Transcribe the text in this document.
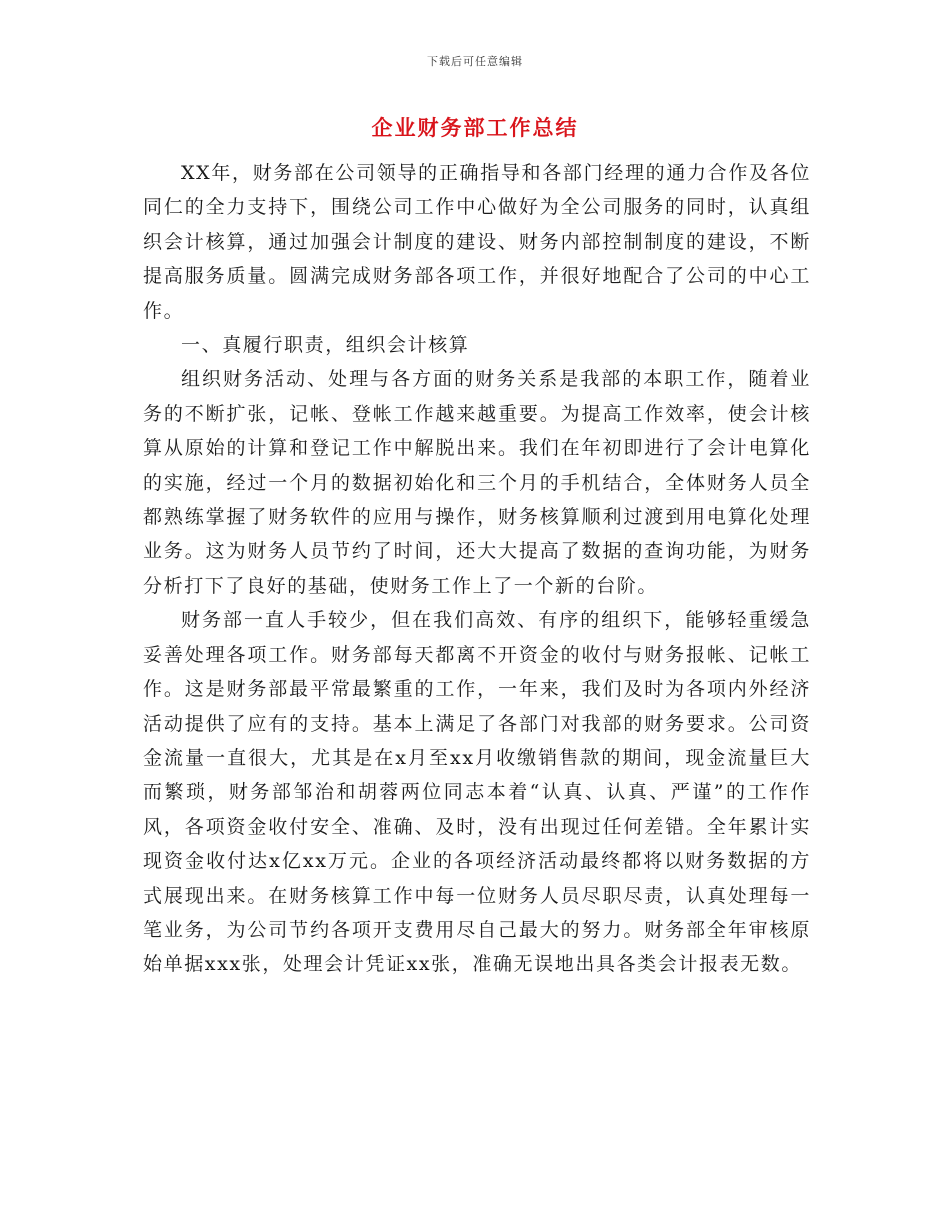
下载后可任意编辑
企业财务部工作总结

XX年，财务部在公司领导的正确指导和各部门经理的通力合作及各位同仁的全力支持下，围绕公司工作中心做好为全公司服务的同时，认真组织会计核算，通过加强会计制度的建设、财务内部控制制度的建设，不断提高服务质量。圆满完成财务部各项工作，并很好地配合了公司的中心工作。

一、真履行职责，组织会计核算

组织财务活动、处理与各方面的财务关系是我部的本职工作，随着业务的不断扩张，记帐、登帐工作越来越重要。为提高工作效率，使会计核算从原始的计算和登记工作中解脱出来。我们在年初即进行了会计电算化的实施，经过一个月的数据初始化和三个月的手机结合，全体财务人员全都熟练掌握了财务软件的应用与操作，财务核算顺利过渡到用电算化处理业务。这为财务人员节约了时间，还大大提高了数据的查询功能，为财务分析打下了良好的基础，使财务工作上了一个新的台阶。

财务部一直人手较少，但在我们高效、有序的组织下，能够轻重缓急妥善处理各项工作。财务部每天都离不开资金的收付与财务报帐、记帐工作。这是财务部最平常最繁重的工作，一年来，我们及时为各项内外经济活动提供了应有的支持。基本上满足了各部门对我部的财务要求。公司资金流量一直很大，尤其是在x月至xx月收缴销售款的期间，现金流量巨大而繁琐，财务部邹治和胡蓉两位同志本着“认真、认真、严谨”的工作作风，各项资金收付安全、准确、及时，没有出现过任何差错。全年累计实现资金收付达x亿xx万元。企业的各项经济活动最终都将以财务数据的方式展现出来。在财务核算工作中每一位财务人员尽职尽责，认真处理每一笔业务，为公司节约各项开支费用尽自己最大的努力。财务部全年审核原始单据xxx张，处理会计凭证xx张，准确无误地出具各类会计报表无数。
